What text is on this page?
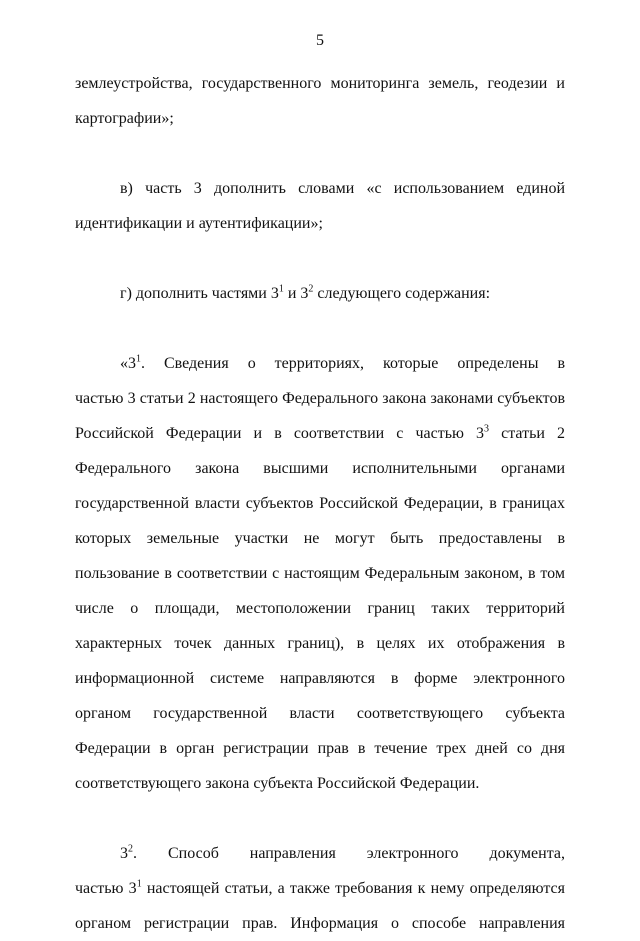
5
землеустройства, государственного мониторинга земель, геодезии и
картографии»;
в) часть 3 дополнить словами «с использованием единой
идентификации и аутентификации»;
г) дополнить частями $3^1$ и $3^2$ следующего содержания:
«$3^1$. Сведения о территориях, которые определены в
частью 3 статьи 2 настоящего Федерального закона законами субъектов
Российской Федерации и в соответствии с частью $3^3$ статьи 2
Федерального закона высшими исполнительными органами
государственной власти субъектов Российской Федерации, в границах
которых земельные участки не могут быть предоставлены в
пользование в соответствии с настоящим Федеральным законом, в том
числе о площади, местоположении границ таких территорий
характерных точек данных границ), в целях их отображения в
информационной системе направляются в форме электронного
органом государственной власти соответствующего субъекта
Федерации в орган регистрации прав в течение трех дней со дня
соответствующего закона субъекта Российской Федерации.
$3^2$. Способ направления электронного документа,
частью $3^1$ настоящей статьи, а также требования к нему определяются
органом регистрации прав. Информация о способе направления
